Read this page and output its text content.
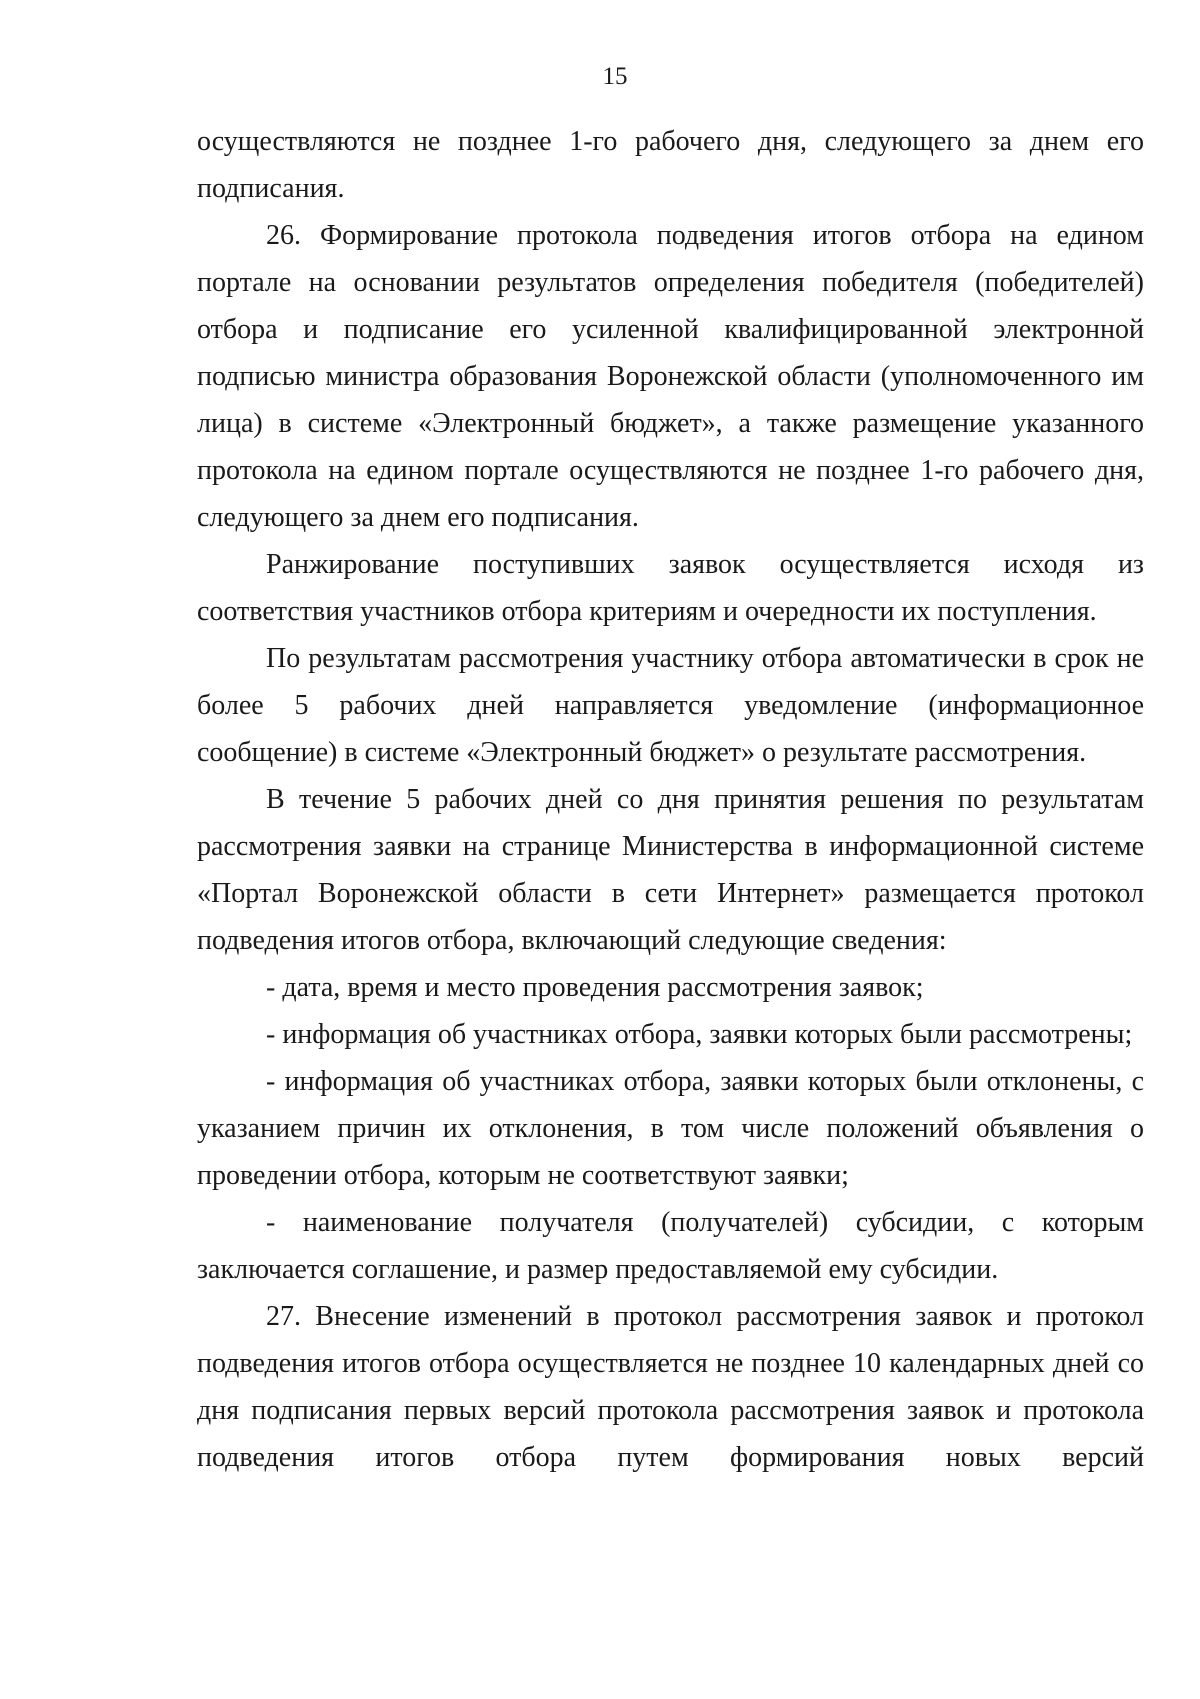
15

осуществляются не позднее 1-го рабочего дня, следующего за днем его подписания.

26. Формирование протокола подведения итогов отбора на едином портале на основании результатов определения победителя (победителей) отбора и подписание его усиленной квалифицированной электронной подписью министра образования Воронежской области (уполномоченного им лица) в системе «Электронный бюджет», а также размещение указанного протокола на едином портале осуществляются не позднее 1-го рабочего дня, следующего за днем его подписания.

Ранжирование поступивших заявок осуществляется исходя из соответствия участников отбора критериям и очередности их поступления.

По результатам рассмотрения участнику отбора автоматически в срок не более 5 рабочих дней направляется уведомление (информационное сообщение) в системе «Электронный бюджет» о результате рассмотрения.

В течение 5 рабочих дней со дня принятия решения по результатам рассмотрения заявки на странице Министерства в информационной системе «Портал Воронежской области в сети Интернет» размещается протокол подведения итогов отбора, включающий следующие сведения:

- дата, время и место проведения рассмотрения заявок;

- информация об участниках отбора, заявки которых были рассмотрены;

- информация об участниках отбора, заявки которых были отклонены, с указанием причин их отклонения, в том числе положений объявления о проведении отбора, которым не соответствуют заявки;

- наименование получателя (получателей) субсидии, с которым заключается соглашение, и размер предоставляемой ему субсидии.

27. Внесение изменений в протокол рассмотрения заявок и протокол подведения итогов отбора осуществляется не позднее 10 календарных дней со дня подписания первых версий протокола рассмотрения заявок и протокола подведения итогов отбора путем формирования новых версий
